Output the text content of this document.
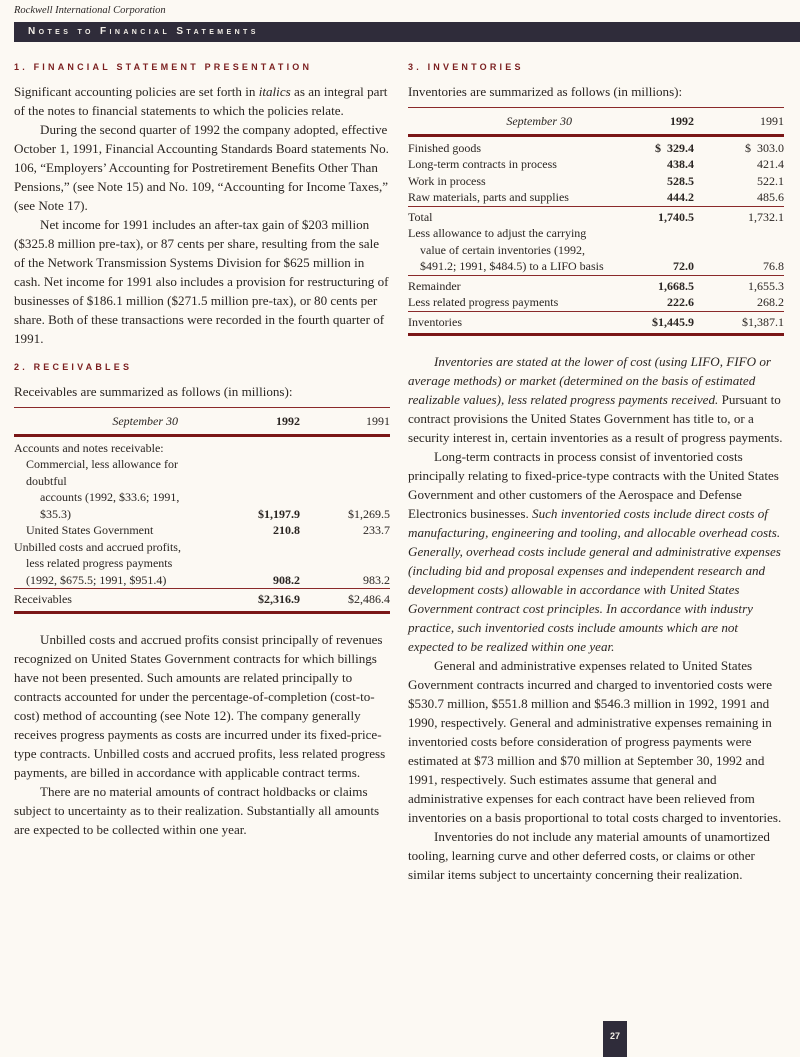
Rockwell International Corporation
Notes to Financial Statements
1. FINANCIAL STATEMENT PRESENTATION

Significant accounting policies are set forth in italics as an integral part of the notes to financial statements to which the policies relate.

During the second quarter of 1992 the company adopted, effective October 1, 1991, Financial Accounting Standards Board statements No. 106, “Employers’ Accounting for Postretirement Benefits Other Than Pensions,” (see Note 15) and No. 109, “Accounting for Income Taxes,” (see Note 17).

Net income for 1991 includes an after-tax gain of $203 million ($325.8 million pre-tax), or 87 cents per share, resulting from the sale of the Network Transmission Systems Division for $625 million in cash. Net income for 1991 also includes a provision for restructuring of businesses of $186.1 million ($271.5 million pre-tax), or 80 cents per share. Both of these transactions were recorded in the fourth quarter of 1991.

2. RECEIVABLES
Receivables are summarized as follows (in millions):
September 30	1992	1991
Accounts and notes receivable:		
Commercial, less allowance for doubtful		
accounts (1992, $33.6; 1991, $35.3)	$1,197.9	$1,269.5
United States Government	210.8	233.7
Unbilled costs and accrued profits,		
less related progress payments		
(1992, $675.5; 1991, $951.4)	908.2	983.2
Receivables	$2,316.9	$2,486.4

Unbilled costs and accrued profits consist principally of revenues recognized on United States Government contracts for which billings have not been presented. Such amounts are related principally to contracts accounted for under the percentage-of-completion (cost-to-cost) method of accounting (see Note 12). The company generally receives progress payments as costs are incurred under its fixed-price-type contracts. Unbilled costs and accrued profits, less related progress payments, are billed in accordance with applicable contract terms.

There are no material amounts of contract holdbacks or claims subject to uncertainty as to their realization. Substantially all amounts are expected to be collected within one year.

3. INVENTORIES
Inventories are summarized as follows (in millions):
September 30	1992	1991
Finished goods	$  329.4	$  303.0
Long-term contracts in process	438.4	421.4
Work in process	528.5	522.1
Raw materials, parts and supplies	444.2	485.6
Total	1,740.5	1,732.1
Less allowance to adjust the carrying		
value of certain inventories (1992,		
$491.2; 1991, $484.5) to a LIFO basis	72.0	76.8
Remainder	1,668.5	1,655.3
Less related progress payments	222.6	268.2
Inventories	$1,445.9	$1,387.1

Inventories are stated at the lower of cost (using LIFO, FIFO or average methods) or market (determined on the basis of estimated realizable values), less related progress payments received. Pursuant to contract provisions the United States Government has title to, or a security interest in, certain inventories as a result of progress payments.

Long-term contracts in process consist of inventoried costs principally relating to fixed-price-type contracts with the United States Government and other customers of the Aerospace and Defense Electronics businesses. Such inventoried costs include direct costs of manufacturing, engineering and tooling, and allocable overhead costs. Generally, overhead costs include general and administrative expenses (including bid and proposal expenses and independent research and development costs) allowable in accordance with United States Government contract cost principles. In accordance with industry practice, such inventoried costs include amounts which are not expected to be realized within one year.

General and administrative expenses related to United States Government contracts incurred and charged to inventoried costs were $530.7 million, $551.8 million and $546.3 million in 1992, 1991 and 1990, respectively. General and administrative expenses remaining in inventoried costs before consideration of progress payments were estimated at $73 million and $70 million at September 30, 1992 and 1991, respectively. Such estimates assume that general and administrative expenses for each contract have been relieved from inventories on a basis proportional to total costs charged to inventories.

Inventories do not include any material amounts of unamortized tooling, learning curve and other deferred costs, or claims or other similar items subject to uncertainty concerning their realization.

27
